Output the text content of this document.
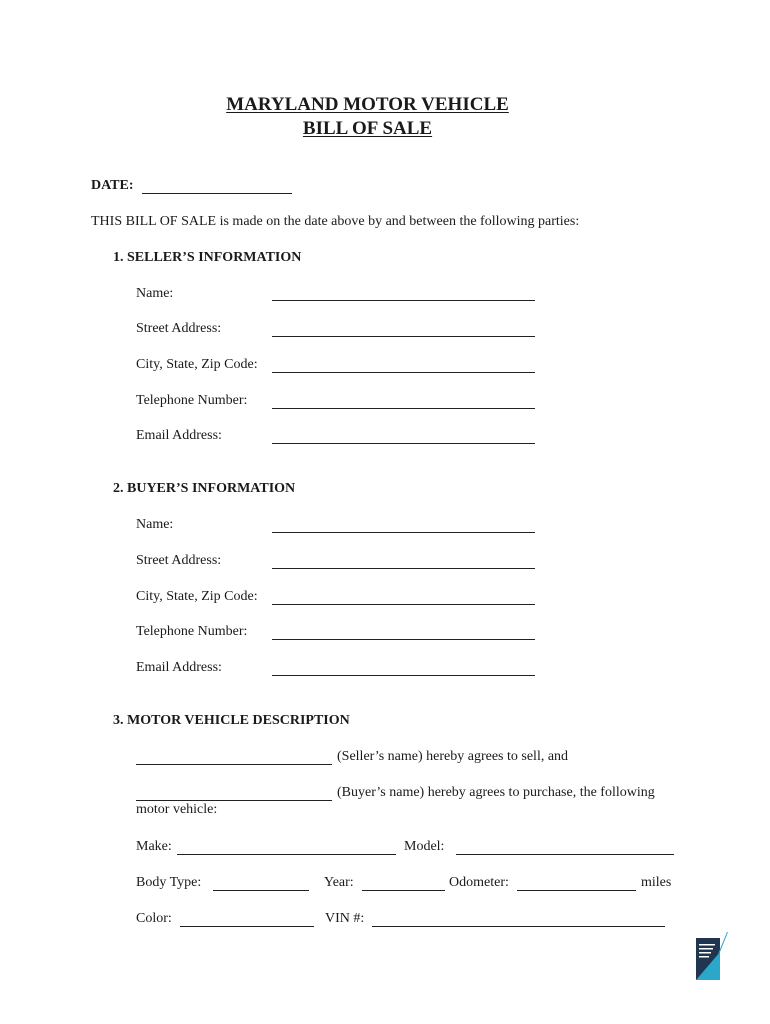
MARYLAND MOTOR VEHICLE
BILL OF SALE
DATE:
THIS BILL OF SALE is made on the date above by and between the following parties:
1. SELLER’S INFORMATION
Name:
Street Address:
City, State, Zip Code:
Telephone Number:
Email Address:
2. BUYER’S INFORMATION
Name:
Street Address:
City, State, Zip Code:
Telephone Number:
Email Address:
3. MOTOR VEHICLE DESCRIPTION
(Seller’s name) hereby agrees to sell, and
(Buyer’s name) hereby agrees to purchase, the following
motor vehicle:
Make:	Model:
Body Type:	Year:	Odometer:	miles
Color:	VIN #:
